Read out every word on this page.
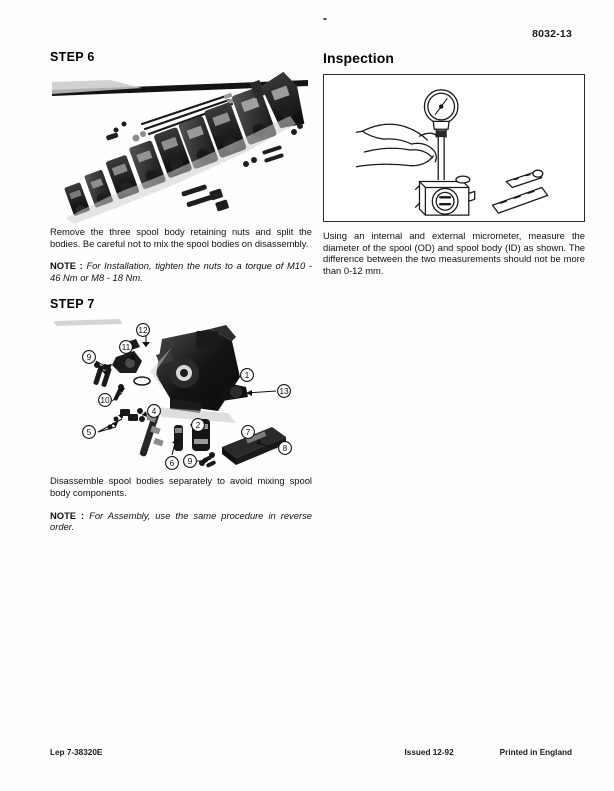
8032-13
STEP 6

Remove the three spool body retaining nuts and split the bodies. Be careful not to mix the spool bodies on disassembly.

NOTE : For Installation, tighten the nuts to a torque of M10 - 46 Nm or M8 - 18 Nm.

STEP 7
1
2
4
5
6
7
8
9
9
10
11
12
13

Disassemble spool bodies separately to avoid mixing spool body components.

NOTE : For Assembly, use the same procedure in reverse order.

Inspection

Using an internal and external micrometer, measure the diameter of the spool (OD) and spool body (ID) as shown. The difference between the two measurements should not be more than 0-12 mm.

Lep 7-38320E	Issued 12-92	Printed in England
